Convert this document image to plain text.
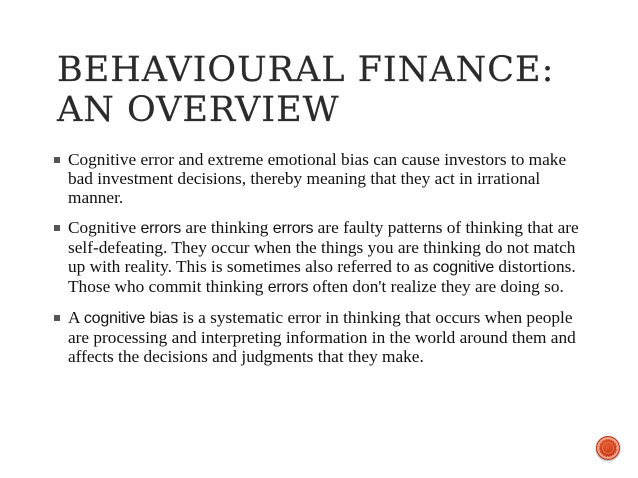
BEHAVIOURAL FINANCE:
AN OVERVIEW
Cognitive error and extreme emotional bias can cause investors to make bad investment decisions, thereby meaning that they act in irrational manner.
Cognitive errors are thinking errors are faulty patterns of thinking that are self-defeating. They occur when the things you are thinking do not match up with reality. This is sometimes also referred to as cognitive distortions. Those who commit thinking errors often don't realize they are doing so.
A cognitive bias is a systematic error in thinking that occurs when people are processing and interpreting information in the world around them and affects the decisions and judgments that they make.
